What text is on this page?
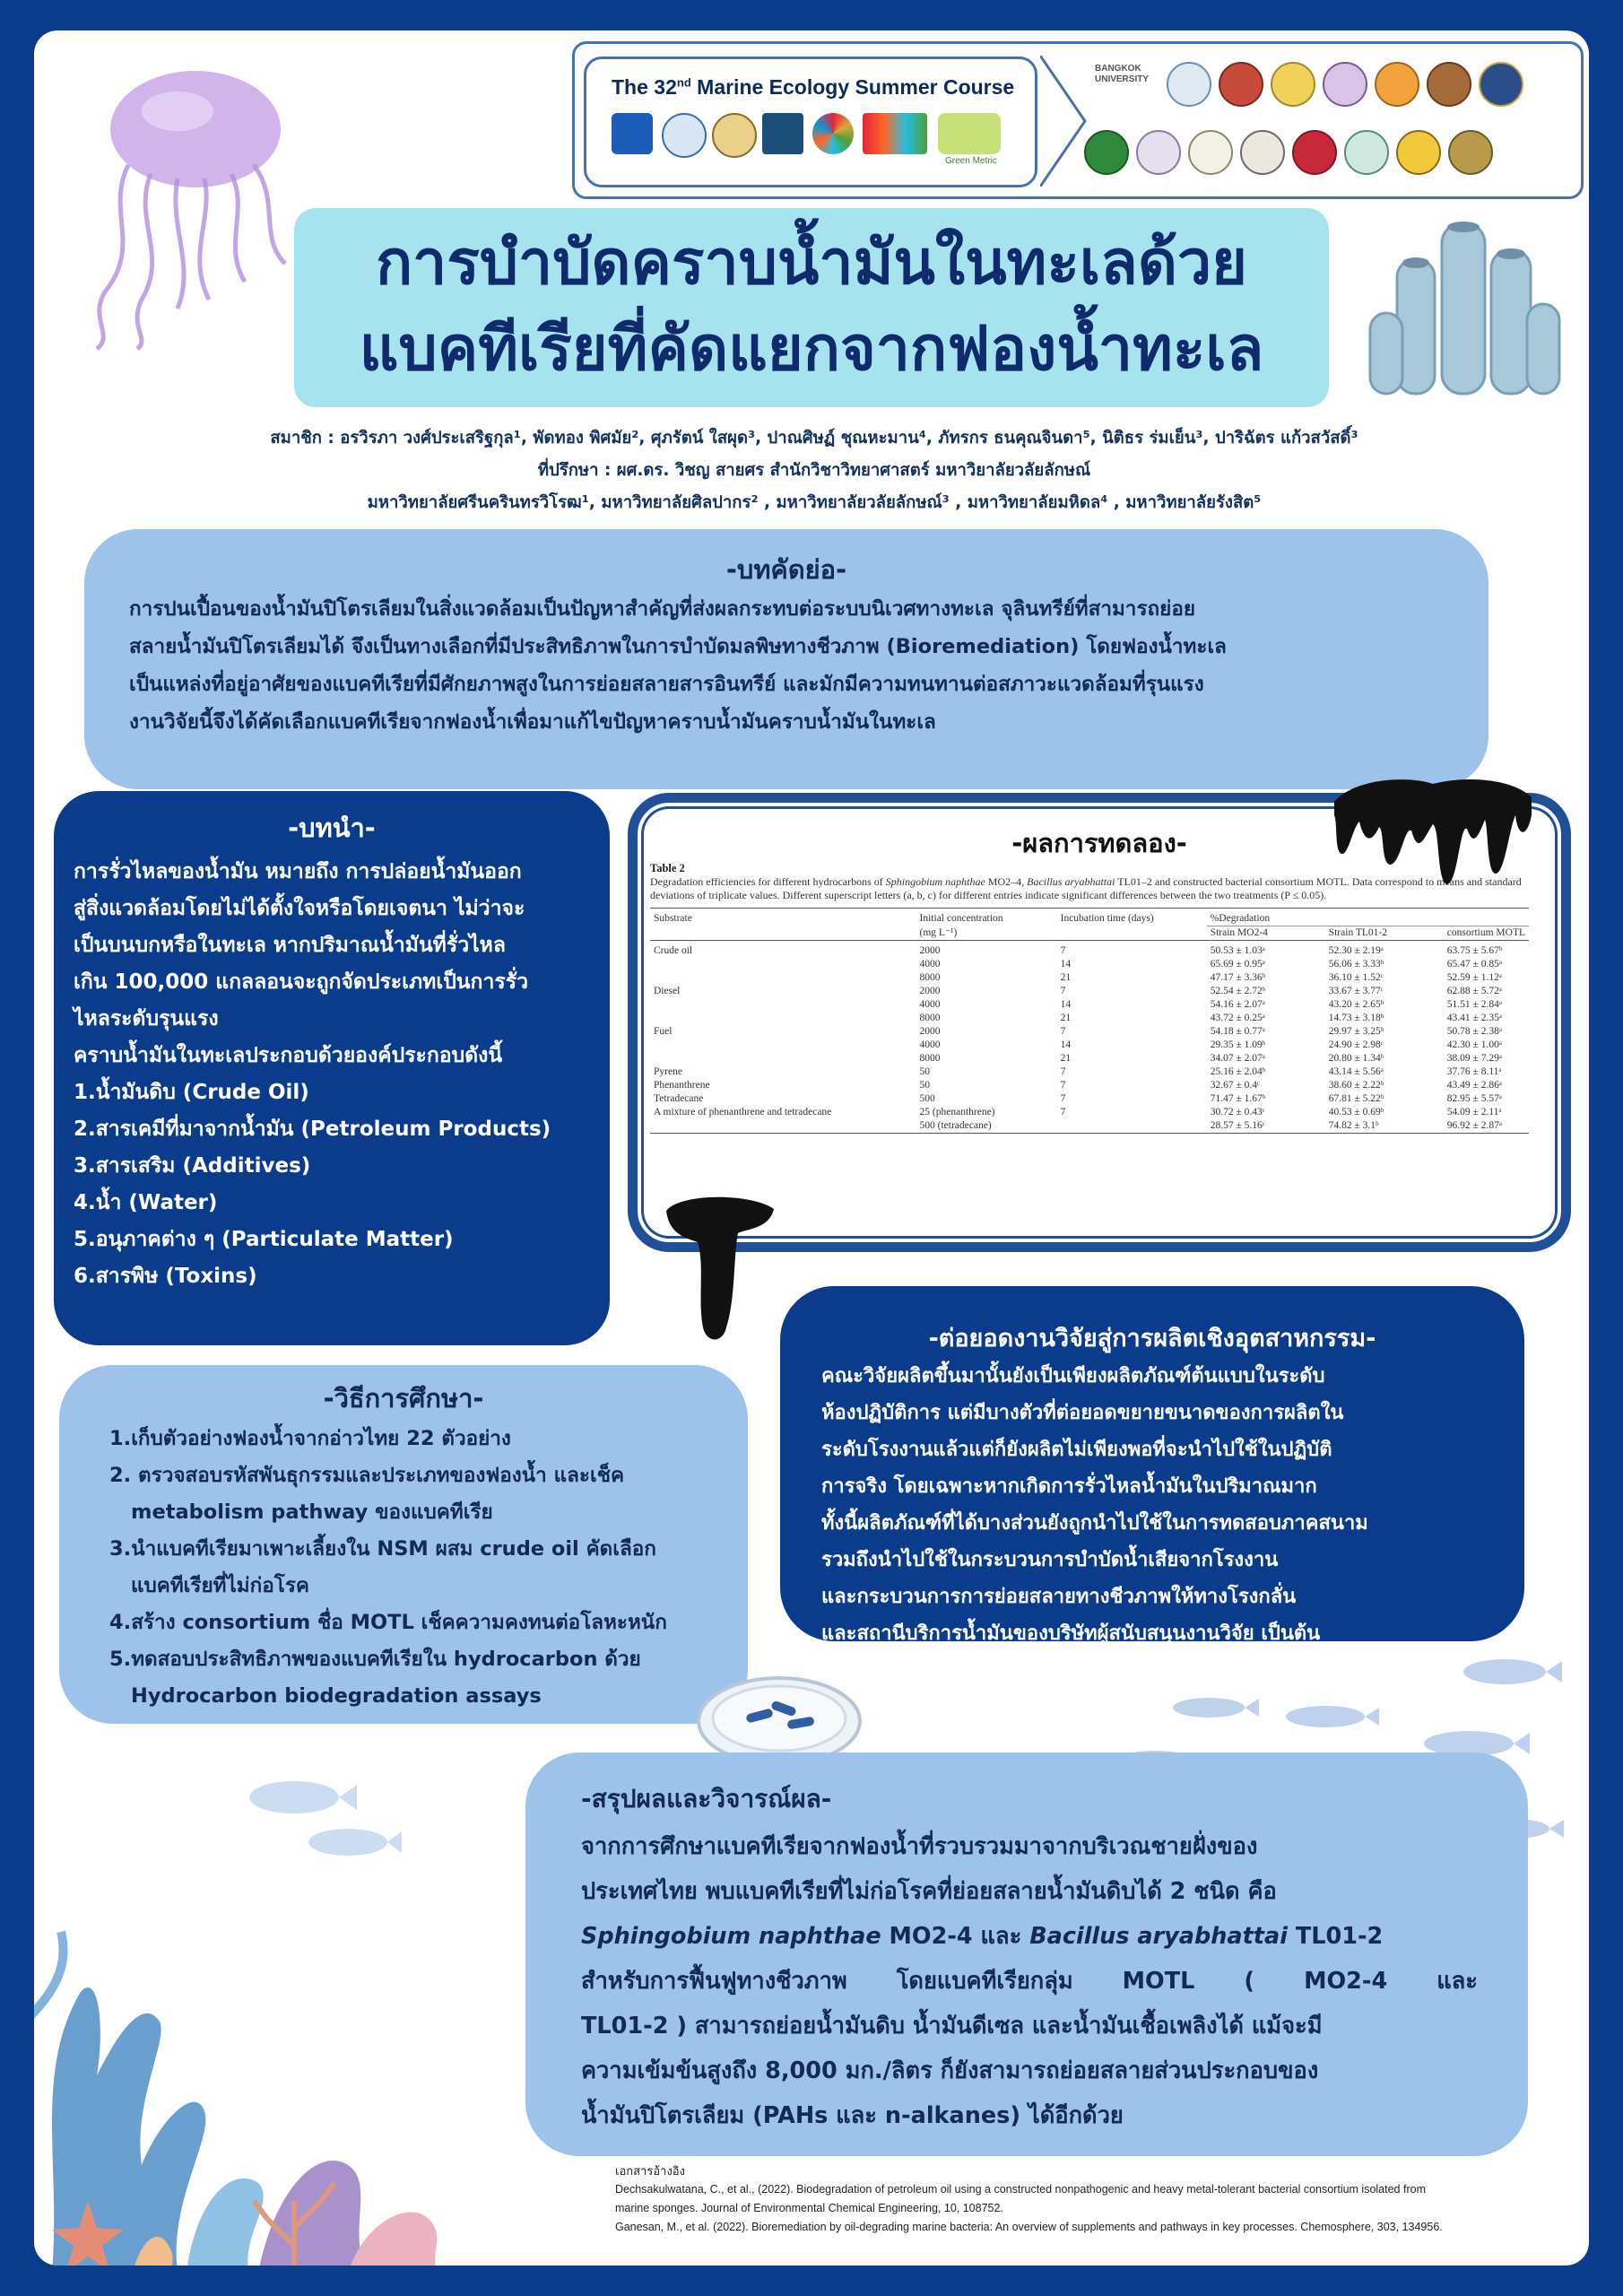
The 32nd Marine Ecology Summer Course
Green Metric
BANGKOK UNIVERSITY
การบำบัดคราบน้ำมันในทะเลด้วย
แบคทีเรียที่คัดแยกจากฟองน้ำทะเล
สมาชิก : อรวิรภา วงศ์ประเสริฐกุล¹, พัดทอง พิศมัย², ศุภรัตน์ ใสผุด³, ปาณศิษฏ์ ชุณหะมาน⁴, ภัทรกร ธนคุณจินดา⁵, นิติธร ร่มเย็น³, ปาริฉัตร แก้วสวัสดิ์³
ที่ปรึกษา : ผศ.ดร. วิชญ สายศร สำนักวิชาวิทยาศาสตร์ มหาวิยาลัยวลัยลักษณ์
มหาวิทยาลัยศรีนครินทรวิโรฒ¹, มหาวิทยาลัยศิลปากร² , มหาวิทยาลัยวลัยลักษณ์³ , มหาวิทยาลัยมหิดล⁴ , มหาวิทยาลัยรังสิต⁵
-บทคัดย่อ-

การปนเปื้อนของน้ำมันปิโตรเลียมในสิ่งแวดล้อมเป็นปัญหาสำคัญที่ส่งผลกระทบต่อระบบนิเวศทางทะเล จุลินทรีย์ที่สามารถย่อย

สลายน้ำมันปิโตรเลียมได้ จึงเป็นทางเลือกที่มีประสิทธิภาพในการบำบัดมลพิษทางชีวภาพ (Bioremediation) โดยฟองน้ำทะเล

เป็นแหล่งที่อยู่อาศัยของแบคทีเรียที่มีศักยภาพสูงในการย่อยสลายสารอินทรีย์ และมักมีความทนทานต่อสภาวะแวดล้อมที่รุนแรง

งานวิจัยนี้จึงได้คัดเลือกแบคทีเรียจากฟองน้ำเพื่อมาแก้ไขปัญหาคราบน้ำมันคราบน้ำมันในทะเล

-บทนำ-

การรั่วไหลของน้ำมัน หมายถึง การปล่อยน้ำมันออก

สู่สิ่งแวดล้อมโดยไม่ได้ตั้งใจหรือโดยเจตนา ไม่ว่าจะ

เป็นบนบกหรือในทะเล หากปริมาณน้ำมันที่รั่วไหล

เกิน 100,000 แกลลอนจะถูกจัดประเภทเป็นการรั่ว

ไหลระดับรุนแรง

คราบน้ำมันในทะเลประกอบด้วยองค์ประกอบดังนี้

1.น้ำมันดิบ (Crude Oil)

2.สารเคมีที่มาจากน้ำมัน (Petroleum Products)

3.สารเสริม (Additives)

4.น้ำ (Water)

5.อนุภาคต่าง ๆ (Particulate Matter)

6.สารพิษ (Toxins)

-ผลการทดลอง-
Table 2
Degradation efficiencies for different hydrocarbons of Sphingobium naphthae MO2–4, Bacillus aryabhattai TL01–2 and constructed bacterial consortium MOTL. Data correspond to means and standard deviations of triplicate values. Different superscript letters (a, b, c) for different entries indicate significant differences between the two treatments (P ≤ 0.05).
Substrate	Initial concentration	Incubation time (days)	%Degradation		
	(mg L⁻¹)		Strain MO2-4	Strain TL01-2	consortium MOTL
Crude oil	2000	7	50.53 ± 1.03ᵃ	52.30 ± 2.19ᵃ	63.75 ± 5.67ᵇ
	4000	14	65.69 ± 0.95ᵃ	56.06 ± 3.33ᵇ	65.47 ± 0.85ᵃ
	8000	21	47.17 ± 3.36ᵇ	36.10 ± 1.52ᶜ	52.59 ± 1.12ᵃ
Diesel	2000	7	52.54 ± 2.72ᵇ	33.67 ± 3.77ᶜ	62.88 ± 5.72ᵃ
	4000	14	54.16 ± 2.07ᵃ	43.20 ± 2.65ᵇ	51.51 ± 2.84ᵃ
	8000	21	43.72 ± 0.25ᵃ	14.73 ± 3.18ᵇ	43.41 ± 2.35ᵃ
Fuel	2000	7	54.18 ± 0.77ᵃ	29.97 ± 3.25ᵇ	50.78 ± 2.38ᵃ
	4000	14	29.35 ± 1.09ᵇ	24.90 ± 2.98ᶜ	42.30 ± 1.00ᵃ
	8000	21	34.07 ± 2.07ᵃ	20.80 ± 1.34ᵇ	38.09 ± 7.29ᵃ
Pyrene	50	7	25.16 ± 2.04ᵇ	43.14 ± 5.56ᵃ	37.76 ± 8.11ᵃ
Phenanthrene	50	7	32.67 ± 0.4ᶜ	38.60 ± 2.22ᵇ	43.49 ± 2.86ᵃ
Tetradecane	500	7	71.47 ± 1.67ᵇ	67.81 ± 5.22ᵇ	82.95 ± 5.57ᵃ
A mixture of phenanthrene and tetradecane	25 (phenanthrene)	7	30.72 ± 0.43ᶜ	40.53 ± 0.69ᵇ	54.09 ± 2.11ᵃ
	500 (tetradecane)		28.57 ± 5.16ᶜ	74.82 ± 3.1ᵇ	96.92 ± 2.87ᵃ
-วิธีการศึกษา-

1.เก็บตัวอย่างฟองน้ำจากอ่าวไทย 22 ตัวอย่าง

2. ตรวจสอบรหัสพันธุกรรมและประเภทของฟองน้ำ และเช็ค

metabolism pathway ของแบคทีเรีย

3.นำแบคทีเรียมาเพาะเลี้ยงใน NSM ผสม crude oil คัดเลือก

แบคทีเรียที่ไม่ก่อโรค

4.สร้าง consortium ชื่อ MOTL เช็คความคงทนต่อโลหะหนัก

5.ทดสอบประสิทธิภาพของแบคทีเรียใน hydrocarbon ด้วย

Hydrocarbon biodegradation assays

-ต่อยอดงานวิจัยสู่การผลิตเชิงอุตสาหกรรม-

คณะวิจัยผลิตขึ้นมานั้นยังเป็นเพียงผลิตภัณฑ์ต้นแบบในระดับ

ห้องปฏิบัติการ แต่มีบางตัวที่ต่อยอดขยายขนาดของการผลิตใน

ระดับโรงงานแล้วแต่ก็ยังผลิตไม่เพียงพอที่จะนำไปใช้ในปฏิบัติ

การจริง โดยเฉพาะหากเกิดการรั่วไหลน้ำมันในปริมาณมาก

ทั้งนี้ผลิตภัณฑ์ที่ได้บางส่วนยังถูกนำไปใช้ในการทดสอบภาคสนาม

รวมถึงนำไปใช้ในกระบวนการบำบัดน้ำเสียจากโรงงาน

และกระบวนการการย่อยสลายทางชีวภาพให้ทางโรงกลั่น

และสถานีบริการน้ำมันของบริษัทผู้สนับสนุนงานวิจัย เป็นต้น

-สรุปผลและวิจารณ์ผล-

จากการศึกษาแบคทีเรียจากฟองน้ำที่รวบรวมมาจากบริเวณชายฝั่งของ

ประเทศไทย พบแบคทีเรียที่ไม่ก่อโรคที่ย่อยสลายน้ำมันดิบได้ 2 ชนิด คือ

Sphingobium naphthae MO2-4 และ Bacillus aryabhattai TL01-2

สำหรับการฟื้นฟูทางชีวภาพ โดยแบคทีเรียกลุ่ม MOTL ( MO2-4 และ

TL01-2 ) สามารถย่อยน้ำมันดิบ น้ำมันดีเซล และน้ำมันเชื้อเพลิงได้ แม้จะมี

ความเข้มข้นสูงถึง 8,000 มก./ลิตร ก็ยังสามารถย่อยสลายส่วนประกอบของ

น้ำมันปิโตรเลียม (PAHs และ n-alkanes) ได้อีกด้วย

เอกสารอ้างอิง
Dechsakulwatana, C., et al., (2022). Biodegradation of petroleum oil using a constructed nonpathogenic and heavy metal-tolerant bacterial consortium isolated from
marine sponges. Journal of Environmental Chemical Engineering, 10, 108752.
Ganesan, M., et al. (2022). Bioremediation by oil-degrading marine bacteria: An overview of supplements and pathways in key processes. Chemosphere, 303, 134956.
